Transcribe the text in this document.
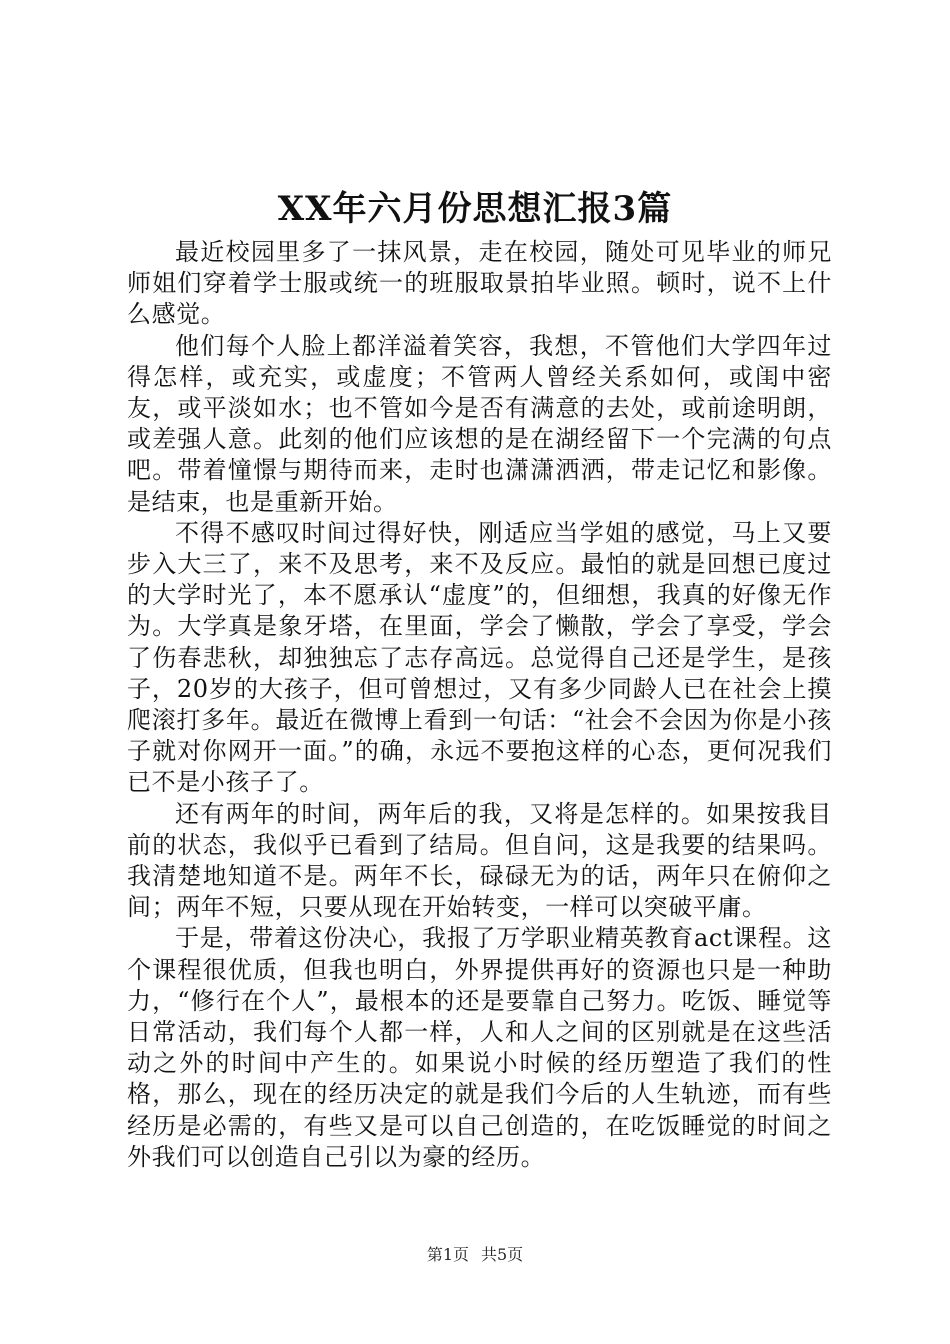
XX年六月份思想汇报3篇

最近校园里多了一抹风景，走在校园，随处可见毕业的师兄师姐们穿着学士服或统一的班服取景拍毕业照。顿时，说不上什么感觉。

他们每个人脸上都洋溢着笑容，我想，不管他们大学四年过得怎样，或充实，或虚度；不管两人曾经关系如何，或闺中密友，或平淡如水；也不管如今是否有满意的去处，或前途明朗，或差强人意。此刻的他们应该想的是在湖经留下一个完满的句点吧。带着憧憬与期待而来，走时也潇潇洒洒，带走记忆和影像。是结束，也是重新开始。

不得不感叹时间过得好快，刚适应当学姐的感觉，马上又要步入大三了，来不及思考，来不及反应。最怕的就是回想已度过的大学时光了，本不愿承认“虚度”的，但细想，我真的好像无作为。大学真是象牙塔，在里面，学会了懒散，学会了享受，学会了伤春悲秋，却独独忘了志存高远。总觉得自己还是学生，是孩子，20岁的大孩子，但可曾想过，又有多少同龄人已在社会上摸爬滚打多年。最近在微博上看到一句话：“社会不会因为你是小孩子就对你网开一面。”的确，永远不要抱这样的心态，更何况我们已不是小孩子了。

还有两年的时间，两年后的我，又将是怎样的。如果按我目前的状态，我似乎已看到了结局。但自问，这是我要的结果吗。我清楚地知道不是。两年不长，碌碌无为的话，两年只在俯仰之间；两年不短，只要从现在开始转变，一样可以突破平庸。

于是，带着这份决心，我报了万学职业精英教育act课程。这个课程很优质，但我也明白，外界提供再好的资源也只是一种助力，“修行在个人”，最根本的还是要靠自己努力。吃饭、睡觉等日常活动，我们每个人都一样，人和人之间的区别就是在这些活动之外的时间中产生的。如果说小时候的经历塑造了我们的性格，那么，现在的经历决定的就是我们今后的人生轨迹，而有些经历是必需的，有些又是可以自己创造的，在吃饭睡觉的时间之外我们可以创造自己引以为豪的经历。

第1页 共5页
